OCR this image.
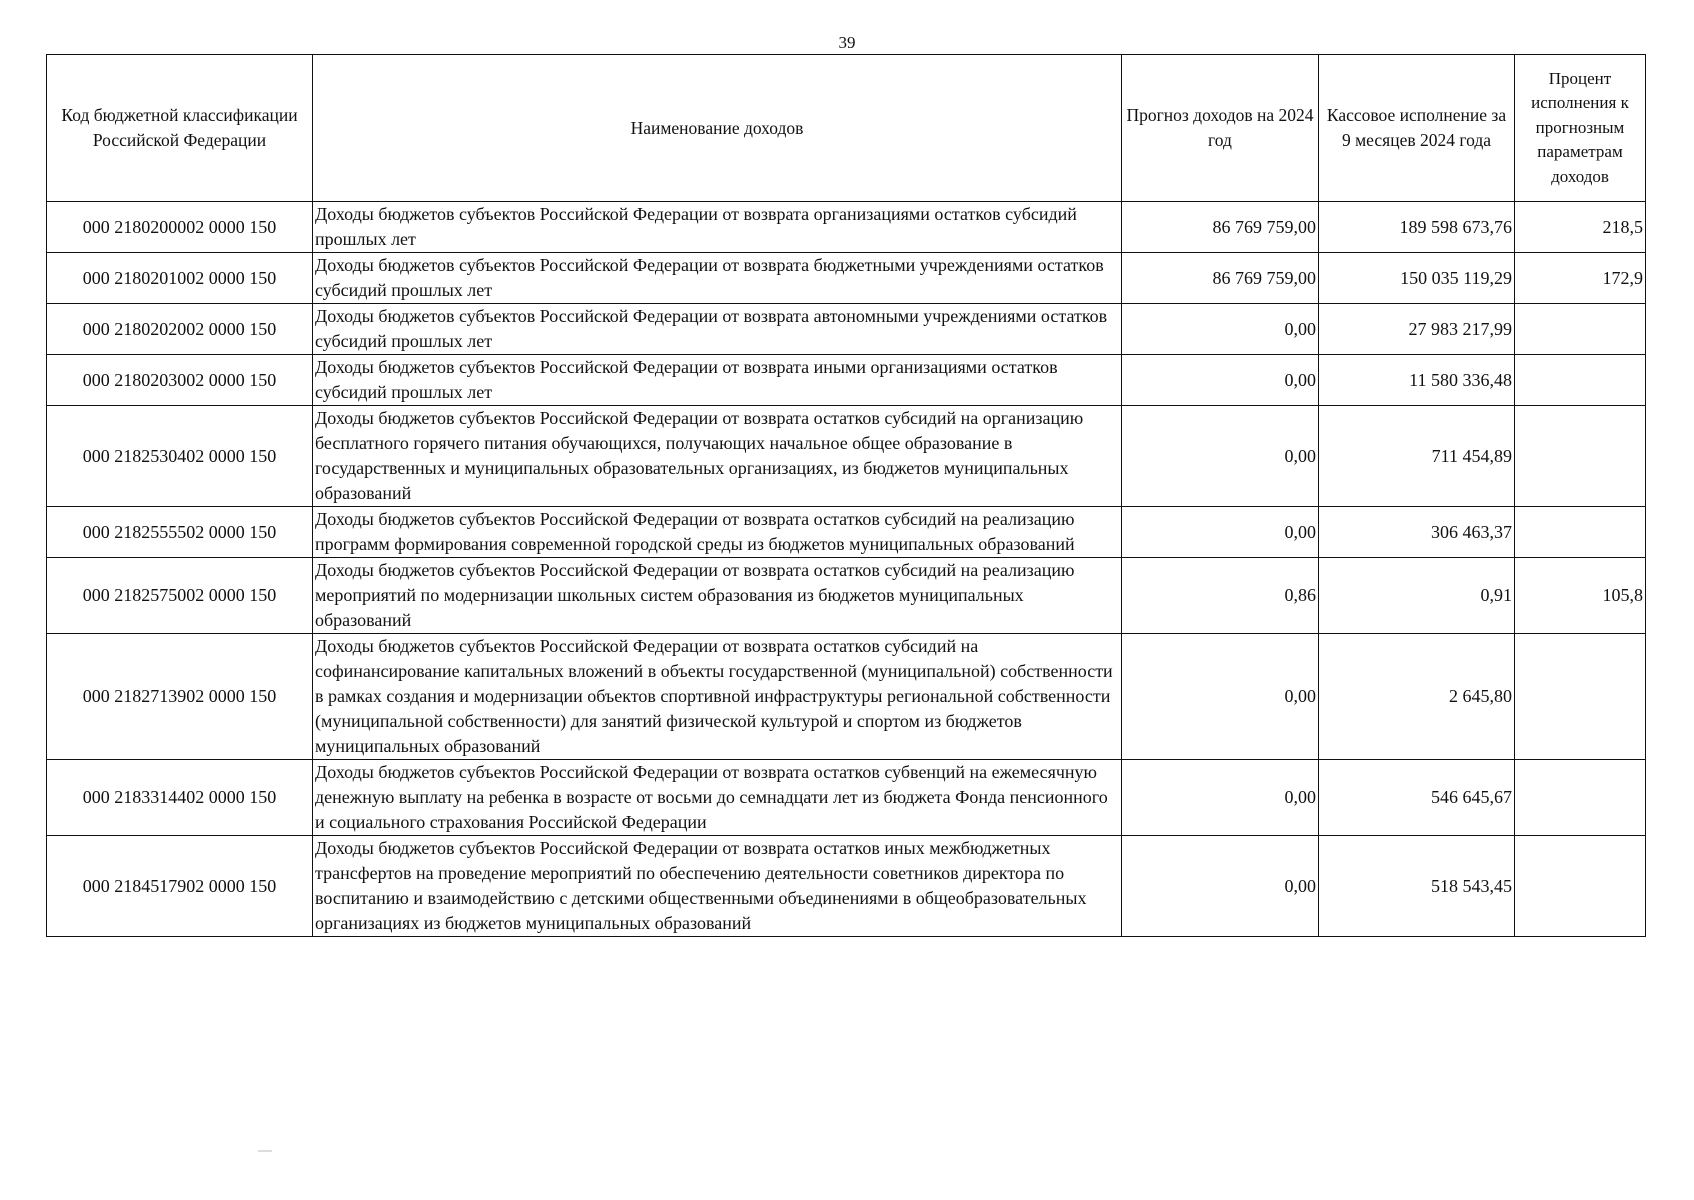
39
Код бюджетной классификации Российской Федерации	Наименование доходов	Прогноз доходов на 2024 год	Кассовое исполнение за 9 месяцев 2024 года	Процент исполнения к прогнозным параметрам доходов
000 2180200002 0000 150	Доходы бюджетов субъектов Российской Федерации от возврата организациями остатков субсидий прошлых лет	86 769 759,00	189 598 673,76	218,5
000 2180201002 0000 150	Доходы бюджетов субъектов Российской Федерации от возврата бюджетными учреждениями остатков субсидий прошлых лет	86 769 759,00	150 035 119,29	172,9
000 2180202002 0000 150	Доходы бюджетов субъектов Российской Федерации от возврата автономными учреждениями остатков субсидий прошлых лет	0,00	27 983 217,99	
000 2180203002 0000 150	Доходы бюджетов субъектов Российской Федерации от возврата иными организациями остатков субсидий прошлых лет	0,00	11 580 336,48	
000 2182530402 0000 150	Доходы бюджетов субъектов Российской Федерации от возврата остатков субсидий на организацию бесплатного горячего питания обучающихся, получающих начальное общее образование в государственных и муниципальных образовательных организациях, из бюджетов муниципальных образований	0,00	711 454,89	
000 2182555502 0000 150	Доходы бюджетов субъектов Российской Федерации от возврата остатков субсидий на реализацию программ формирования современной городской среды из бюджетов муниципальных образований	0,00	306 463,37	
000 2182575002 0000 150	Доходы бюджетов субъектов Российской Федерации от возврата остатков субсидий на реализацию мероприятий по модернизации школьных систем образования из бюджетов муниципальных образований	0,86	0,91	105,8
000 2182713902 0000 150	Доходы бюджетов субъектов Российской Федерации от возврата остатков субсидий на софинансирование капитальных вложений в объекты государственной (муниципальной) собственности в рамках создания и модернизации объектов спортивной инфраструктуры региональной собственности (муниципальной собственности) для занятий физической культурой и спортом из бюджетов муниципальных образований	0,00	2 645,80	
000 2183314402 0000 150	Доходы бюджетов субъектов Российской Федерации от возврата остатков субвенций на ежемесячную денежную выплату на ребенка в возрасте от восьми до семнадцати лет из бюджета Фонда пенсионного и социального страхования Российской Федерации	0,00	546 645,67	
000 2184517902 0000 150	Доходы бюджетов субъектов Российской Федерации от возврата остатков иных межбюджетных трансфертов на проведение мероприятий по обеспечению деятельности советников директора по воспитанию и взаимодействию с детскими общественными объединениями в общеобразовательных организациях из бюджетов муниципальных образований	0,00	518 543,45	
